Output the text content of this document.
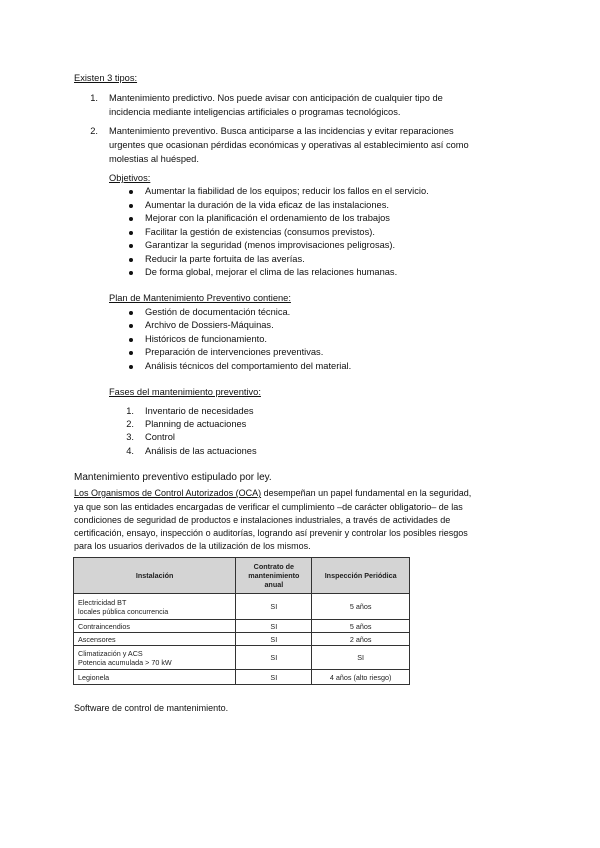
Existen 3 tipos:
1. Mantenimiento predictivo. Nos puede avisar con anticipación de cualquier tipo de
incidencia mediante inteligencias artificiales o programas tecnológicos.
2. Mantenimiento preventivo. Busca anticiparse a las incidencias y evitar reparaciones
urgentes que ocasionan pérdidas económicas y operativas al establecimiento así como
molestias al huésped.
Objetivos:
Aumentar la fiabilidad de los equipos; reducir los fallos en el servicio.
Aumentar la duración de la vida eficaz de las instalaciones.
Mejorar con la planificación el ordenamiento de los trabajos
Facilitar la gestión de existencias (consumos previstos).
Garantizar la seguridad (menos improvisaciones peligrosas).
Reducir la parte fortuita de las averías.
De forma global, mejorar el clima de las relaciones humanas.
Plan de Mantenimiento Preventivo contiene:
Gestión de documentación técnica.
Archivo de Dossiers-Máquinas.
Históricos de funcionamiento.
Preparación de intervenciones preventivas.
Análisis técnicos del comportamiento del material.
Fases del mantenimiento preventivo:
1. Inventario de necesidades
2. Planning de actuaciones
3. Control
4. Análisis de las actuaciones
Mantenimiento preventivo estipulado por ley.
Los Organismos de Control Autorizados (OCA) desempeñan un papel fundamental en la seguridad,
ya que son las entidades encargadas de verificar el cumplimiento –de carácter obligatorio– de las
condiciones de seguridad de productos e instalaciones industriales, a través de actividades de
certificación, ensayo, inspección o auditorías, logrando así prevenir y controlar los posibles riesgos
para los usuarios derivados de la utilización de los mismos.
Instalación	Contrato de mantenimiento anual	Inspección Periódica
Electricidad BT
locales pública concurrencia	SI	5 años
Contraincendios	SI	5 años
Ascensores	SI	2 años
Climatización y ACS
Potencia acumulada > 70 kW	SI	SI
Legionela	SI	4 años (alto riesgo)
Software de control de mantenimiento.
